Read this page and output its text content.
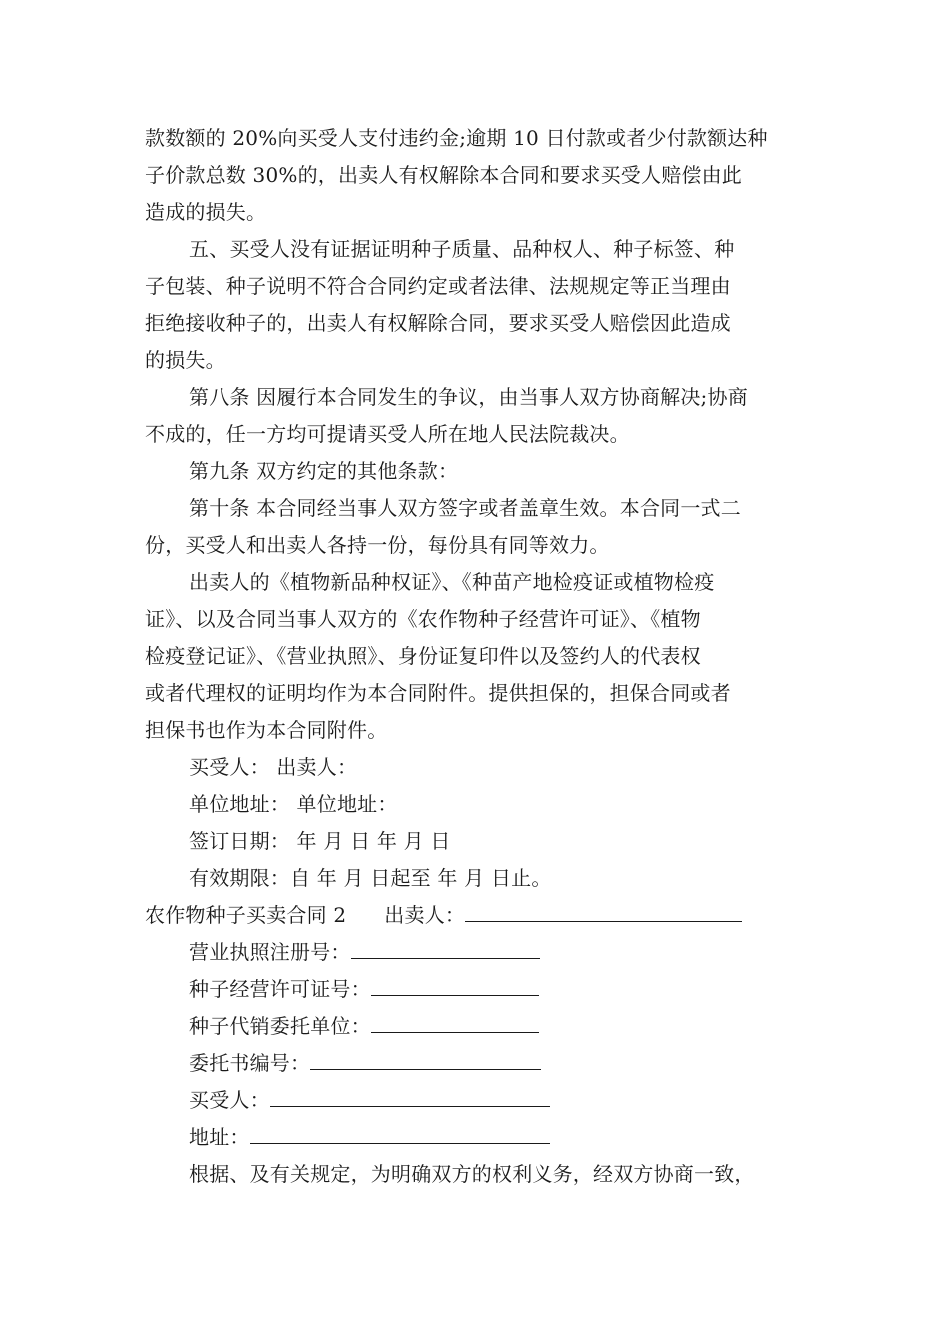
款数额的 20%向买受人支付违约金;逾期 10 日付款或者少付款额达种
子价款总数 30%的，出卖人有权解除本合同和要求买受人赔偿由此
造成的损失。
五、买受人没有证据证明种子质量、品种权人、种子标签、种
子包装、种子说明不符合合同约定或者法律、法规规定等正当理由
拒绝接收种子的，出卖人有权解除合同，要求买受人赔偿因此造成
的损失。
第八条 因履行本合同发生的争议，由当事人双方协商解决;协商
不成的，任一方均可提请买受人所在地人民法院裁决。
第九条 双方约定的其他条款：
第十条 本合同经当事人双方签字或者盖章生效。本合同一式二
份，买受人和出卖人各持一份，每份具有同等效力。
出卖人的《植物新品种权证》、《种苗产地检疫证或植物检疫
证》、以及合同当事人双方的《农作物种子经营许可证》、《植物
检疫登记证》、《营业执照》、身份证复印件以及签约人的代表权
或者代理权的证明均作为本合同附件。提供担保的，担保合同或者
担保书也作为本合同附件。
买受人： 出卖人：
单位地址： 单位地址：
签订日期： 年 月 日 年 月 日
有效期限：自 年 月 日起至 年 月 日止。
农作物种子买卖合同 2 出卖人：
营业执照注册号：
种子经营许可证号：
种子代销委托单位：
委托书编号：
买受人：
地址：
根据、及有关规定，为明确双方的权利义务，经双方协商一致，
